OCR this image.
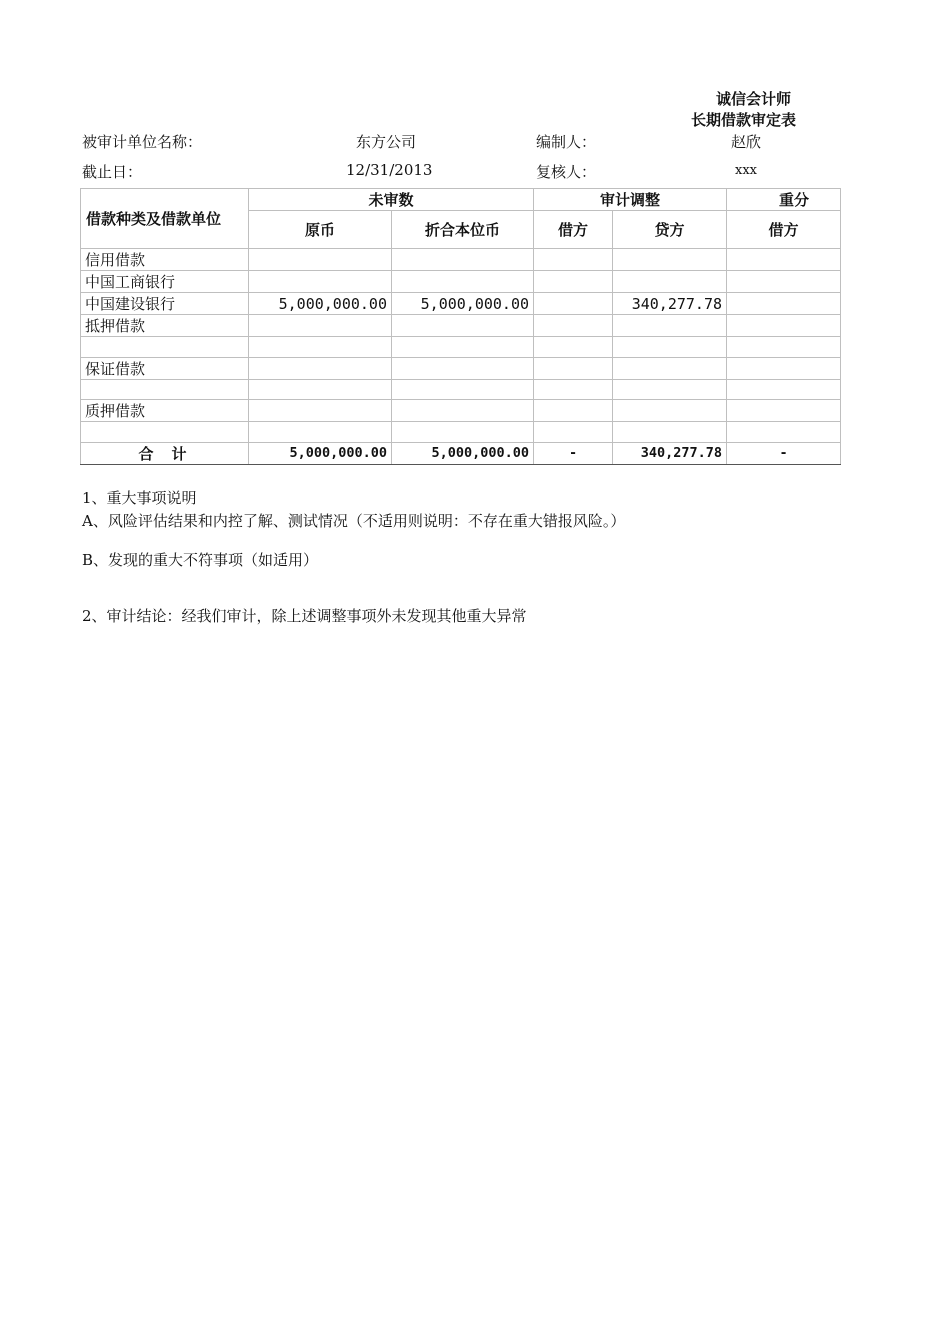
诚信会计师
长期借款审定表
被审计单位名称：	东方公司	编制人：	赵欣
截止日：	12/31/2013	复核人：	xxx
借款种类及借款单位	未审数		审计调整		重分
	原币	折合本位币	借方	贷方	借方
信用借款					
中国工商银行					
中国建设银行	5,000,000.00	5,000,000.00		340,277.78	
抵押借款					

保证借款					

质押借款					

合计	5,000,000.00	5,000,000.00	-	340,277.78	-
1、重大事项说明
A、风险评估结果和内控了解、测试情况（不适用则说明：不存在重大错报风险。）
B、发现的重大不符事项（如适用）
2、审计结论：经我们审计，除上述调整事项外未发现其他重大异常
